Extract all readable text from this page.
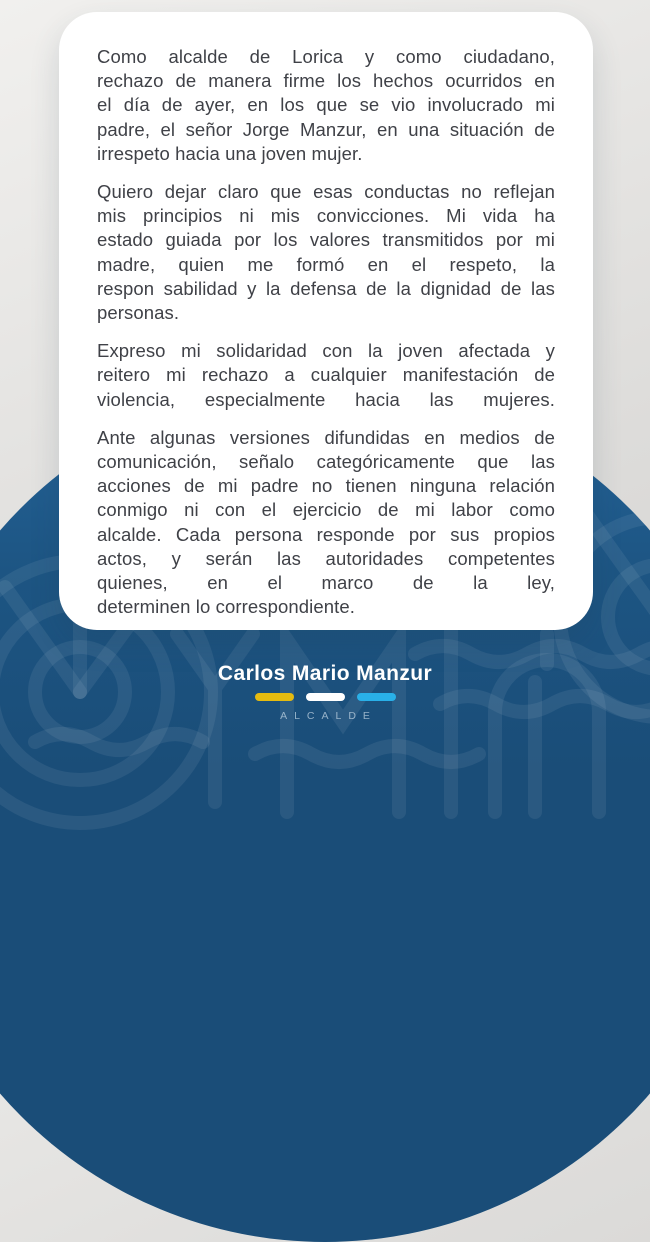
Como alcalde de Lorica y como ciudadano,
rechazo de manera firme los hechos ocurridos en
el día de ayer, en los que se vio involucrado mi
padre, el señor Jorge Manzur, en una situación de
irrespeto hacia una joven mujer.
Quiero dejar claro que esas conductas no reflejan
mis principios ni mis convicciones. Mi vida ha
estado guiada por los valores transmitidos por mi
madre, quien me formó en el respeto, la
respon sabilidad y la defensa de la dignidad de las
personas.
Expreso mi solidaridad con la joven afectada y
reitero mi rechazo a cualquier manifestación de
violencia, especialmente hacia las mujeres.
Ante algunas versiones difundidas en medios de
comunicación, señalo categóricamente que las
acciones de mi padre no tienen ninguna relación
conmigo ni con el ejercicio de mi labor como
alcalde. Cada persona responde por sus propios
actos, y serán las autoridades competentes
quienes, en el marco de la ley,
determinen lo correspondiente.
Carlos Mario Manzur
ALCALDE
